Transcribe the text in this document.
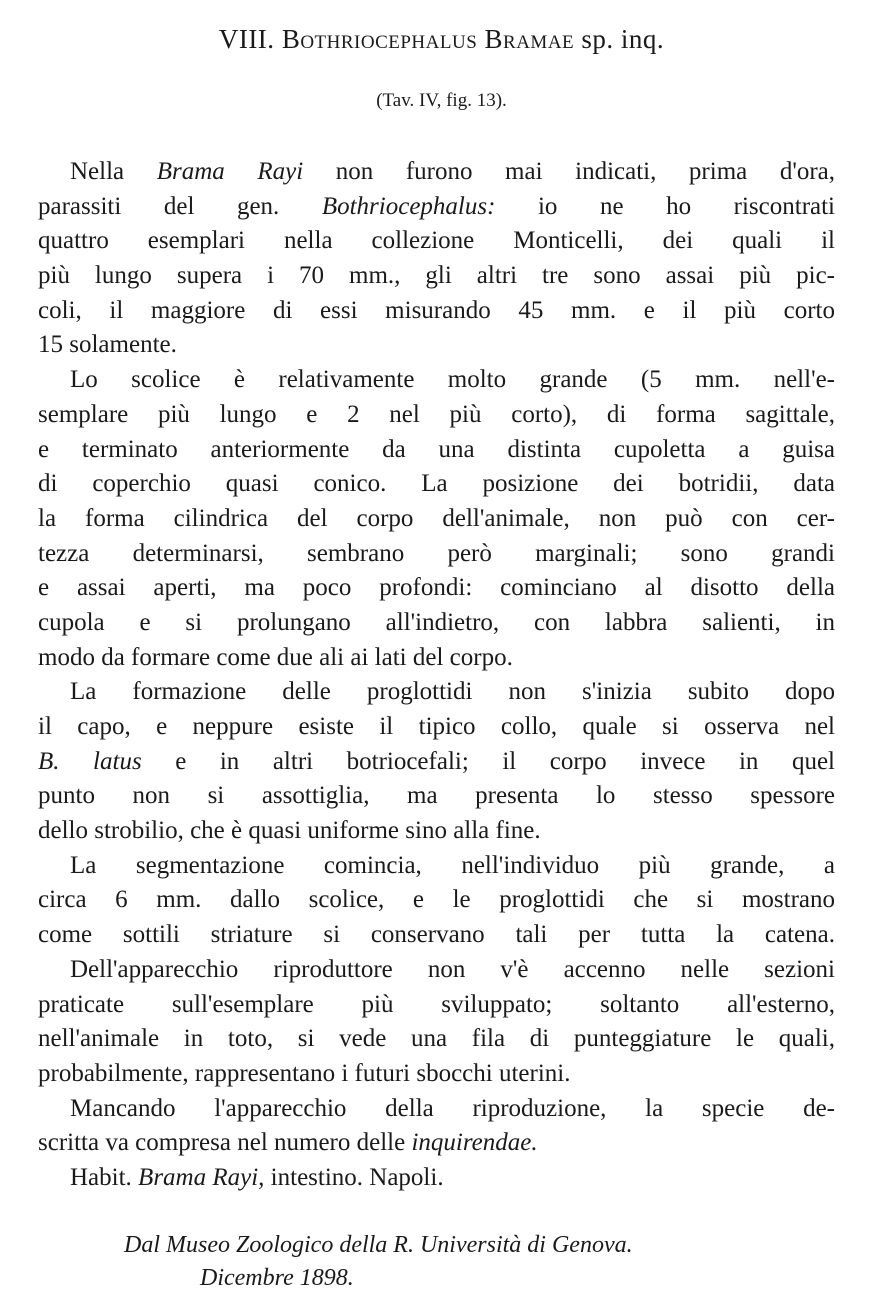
VIII. Bothriocephalus Bramae sp. inq.
(Tav. IV, fig. 13).
Nella Brama Rayi non furono mai indicati, prima d'ora,
parassiti del gen. Bothriocephalus: io ne ho riscontrati
quattro esemplari nella collezione Monticelli, dei quali il
più lungo supera i 70 mm., gli altri tre sono assai più pic-
coli, il maggiore di essi misurando 45 mm. e il più corto
15 solamente.
Lo scolice è relativamente molto grande (5 mm. nell'e-
semplare più lungo e 2 nel più corto), di forma sagittale,
e terminato anteriormente da una distinta cupoletta a guisa
di coperchio quasi conico. La posizione dei botridii, data
la forma cilindrica del corpo dell'animale, non può con cer-
tezza determinarsi, sembrano però marginali; sono grandi
e assai aperti, ma poco profondi: cominciano al disotto della
cupola e si prolungano all'indietro, con labbra salienti, in
modo da formare come due ali ai lati del corpo.
La formazione delle proglottidi non s'inizia subito dopo
il capo, e neppure esiste il tipico collo, quale si osserva nel
B. latus e in altri botriocefali; il corpo invece in quel
punto non si assottiglia, ma presenta lo stesso spessore
dello strobilio, che è quasi uniforme sino alla fine.
La segmentazione comincia, nell'individuo più grande, a
circa 6 mm. dallo scolice, e le proglottidi che si mostrano
come sottili striature si conservano tali per tutta la catena.
Dell'apparecchio riproduttore non v'è accenno nelle sezioni
praticate sull'esemplare più sviluppato; soltanto all'esterno,
nell'animale in toto, si vede una fila di punteggiature le quali,
probabilmente, rappresentano i futuri sbocchi uterini.
Mancando l'apparecchio della riproduzione, la specie de-
scritta va compresa nel numero delle inquirendae.
Habit. Brama Rayi, intestino. Napoli.
Dal Museo Zoologico della R. Università di Genova.
Dicembre 1898.
